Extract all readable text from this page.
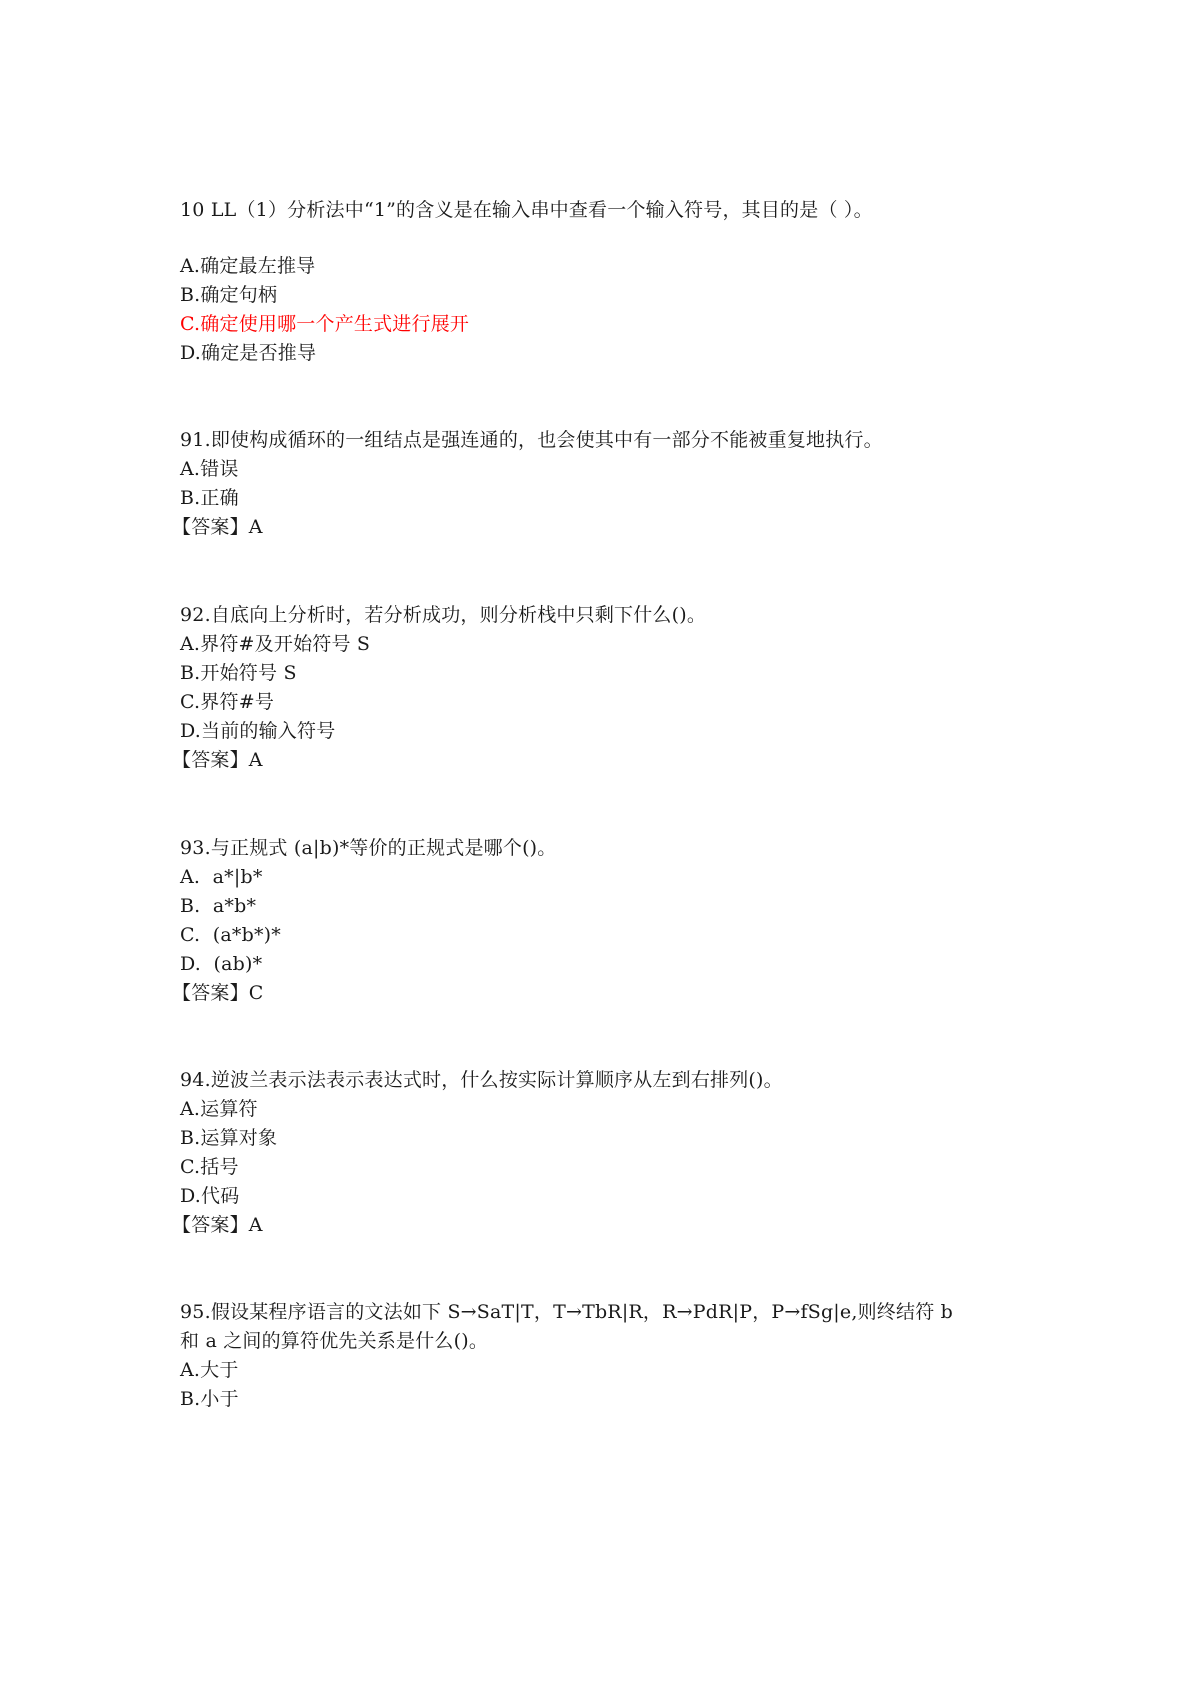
10 LL（1）分析法中“1”的含义是在输入串中查看一个输入符号，其目的是（ ）。
A.确定最左推导
B.确定句柄
C.确定使用哪一个产生式进行展开
D.确定是否推导
91.即使构成循环的一组结点是强连通的，也会使其中有一部分不能被重复地执行。
A.错误
B.正确
【答案】A
92.自底向上分析时，若分析成功，则分析栈中只剩下什么()。
A.界符#及开始符号 S
B.开始符号 S
C.界符#号
D.当前的输入符号
【答案】A
93.与正规式 (a|b)*等价的正规式是哪个()。
A.  a*|b*
B.  a*b*
C.  (a*b*)*
D.  (ab)*
【答案】C
94.逆波兰表示法表示表达式时，什么按实际计算顺序从左到右排列()。
A.运算符
B.运算对象
C.括号
D.代码
【答案】A
95.假设某程序语言的文法如下 S→SaT|T，T→TbR|R，R→PdR|P，P→fSg|e,则终结符 b
和 a 之间的算符优先关系是什么()。
A.大于
B.小于
